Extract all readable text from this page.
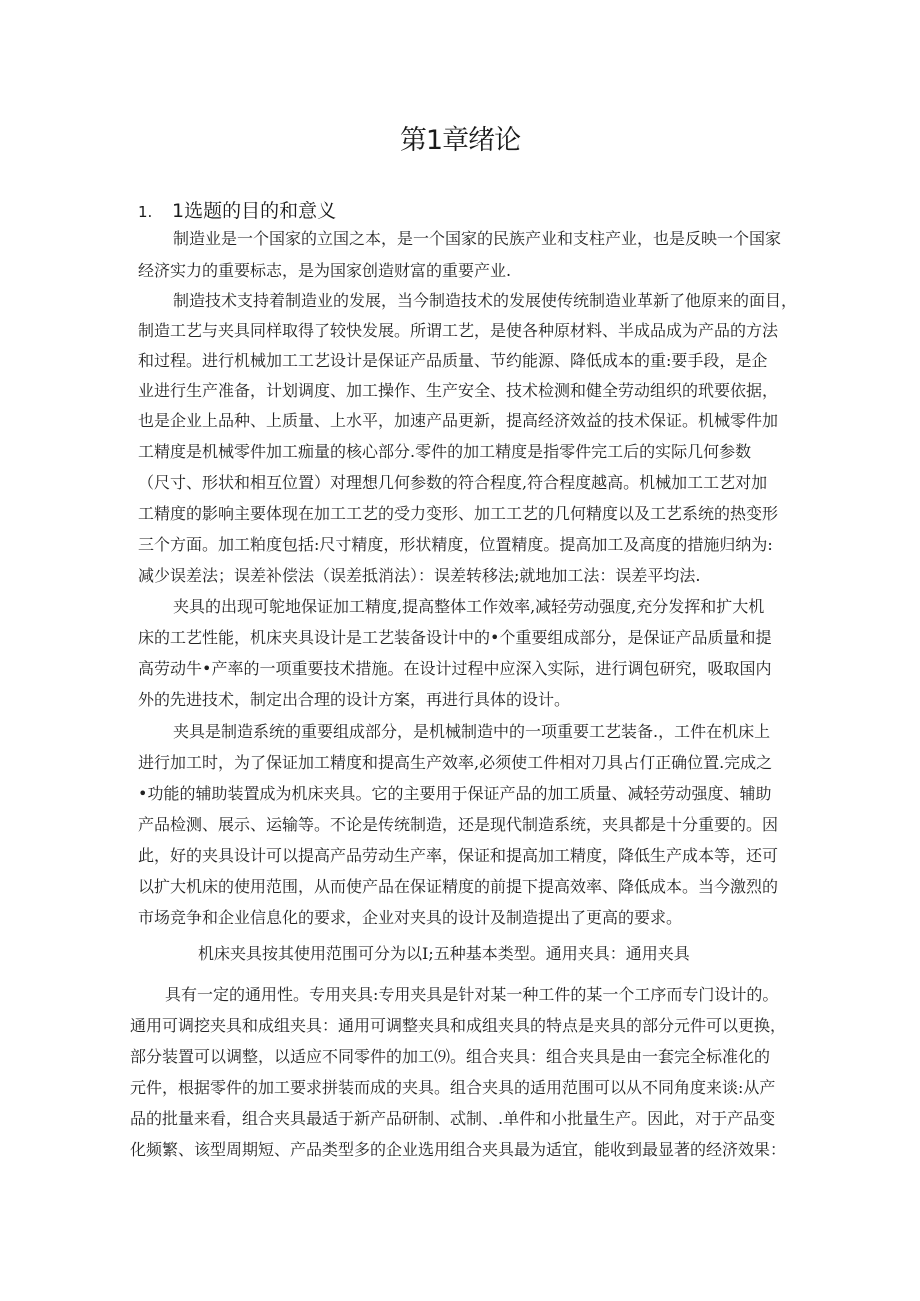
第1章绪论
1. 1选题的目的和意义
制造业是一个国家的立国之本，是一个国家的民族产业和支柱产业，也是反映一个国家
经济实力的重要标志，是为国家创造财富的重要产业.
制造技术支持着制造业的发展，当今制造技术的发展使传统制造业革新了他原来的面目，
制造工艺与夹具同样取得了较快发展。所谓工艺，是使各种原材料、半成品成为产品的方法
和过程。进行机械加工工艺设计是保证产品质量、节约能源、降低成本的重:要手段，是企
业进行生产准备，计划调度、加工操作、生产安全、技术检测和健全劳动组织的玳要依据，
也是企业上品种、上质量、上水平，加速产品更新，提高经济效益的技术保证。机械零件加
工精度是机械零件加工痂量的核心部分.零件的加工精度是指零件完工后的实际几何参数
（尺寸、形状和相互位置）对理想几何参数的符合程度,符合程度越高。机械加工工艺对加
工精度的影响主要体现在加工工艺的受力变形、加工工艺的几何精度以及工艺系统的热变形
三个方面。加工粕度包括:尺寸精度，形状精度，位置精度。提高加工及高度的措施归纳为:
减少误差法；误差补偿法（误差抵消法）：误差转移法;就地加工法：误差平均法.
夹具的出现可鸵地保证加工精度,提高整体工作效率,减轻劳动强度,充分发挥和扩大机
床的工艺性能，机床夹具设计是工艺装备设计中的•个重要组成部分，是保证产品质量和提
高劳动牛•产率的一项重要技术措施。在设计过程中应深入实际，进行调包研究，吸取国内
外的先进技术，制定出合理的设计方案，再进行具体的设计。
夹具是制造系统的重要组成部分，是机械制造中的一项重要工艺装备.，工件在机床上
进行加工时，为了保证加工精度和提高生产效率,必须使工件相对刀具占仃正确位置.完成之
•功能的辅助装置成为机床夹具。它的主要用于保证产品的加工质量、减轻劳动强度、辅助
产品检测、展示、运输等。不论是传统制造，还是现代制造系统，夹具都是十分重要的。因
此，好的夹具设计可以提高产品劳动生产率，保证和提高加工精度，降低生产成本等，还可
以扩大机床的使用范围，从而使产品在保证精度的前提下提高效率、降低成本。当今激烈的
市场竞争和企业信息化的要求，企业对夹具的设计及制造提出了更高的要求。
机床夹具按其使用范围可分为以I;五种基本类型。通用夹具：通用夹具
具有一定的通用性。专用夹具:专用夹具是针对某一种工件的某一个工序而专门设计的。
通用可调挖夹具和成组夹具：通用可调整夹具和成组夹具的特点是夹具的部分元件可以更换，
部分装置可以调整，以适应不同零件的加工⑼。组合夹具：组合夹具是由一套完全标准化的
元件，根据零件的加工要求拼装而成的夹具。组合夹具的适用范围可以从不同角度来谈:从产
品的批量来看，组合夹具最适于新产品研制、忒制、.单件和小批量生产。因此，对于产品变
化频繁、该型周期短、产品类型多的企业选用组合夹具最为适宜，能收到最显著的经济效果：
